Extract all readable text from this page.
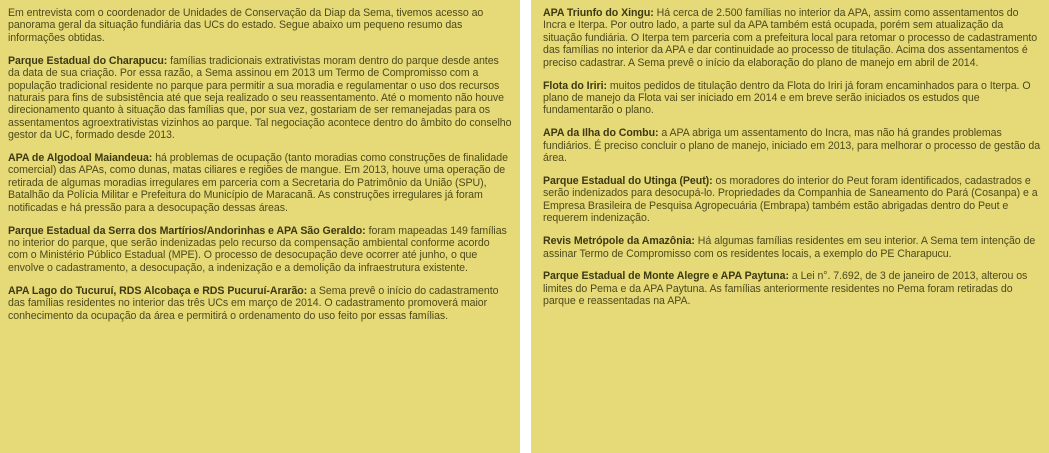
Em entrevista com o coordenador de Unidades de Conservação da Diap da Sema, tivemos acesso ao panorama geral da situação fundiária das UCs do estado. Segue abaixo um pequeno resumo das informações obtidas.

Parque Estadual do Charapucu: famílias tradicionais extrativistas moram dentro do parque desde antes da data de sua criação. Por essa razão, a Sema assinou em 2013 um Termo de Compromisso com a população tradicional residente no parque para permitir a sua moradia e regulamentar o uso dos recursos naturais para fins de subsistência até que seja realizado o seu reassentamento. Até o momento não houve direcionamento quanto à situação das famílias que, por sua vez, gostariam de ser remanejadas para os assentamentos agroextrativistas vizinhos ao parque. Tal negociação acontece dentro do âmbito do conselho gestor da UC, formado desde 2013.

APA de Algodoal Maiandeua: há problemas de ocupação (tanto moradias como construções de finalidade comercial) das APAs, como dunas, matas ciliares e regiões de mangue. Em 2013, houve uma operação de retirada de algumas moradias irregulares em parceria com a Secretaria do Patrimônio da União (SPU), Batalhão da Polícia Militar e Prefeitura do Município de Maracanã. As construções irregulares já foram notificadas e há pressão para a desocupação dessas áreas.

Parque Estadual da Serra dos Martírios/Andorinhas e APA São Geraldo: foram mapeadas 149 famílias no interior do parque, que serão indenizadas pelo recurso da compensação ambiental conforme acordo com o Ministério Público Estadual (MPE). O processo de desocupação deve ocorrer até junho, o que envolve o cadastramento, a desocupação, a indenização e a demolição da infraestrutura existente.

APA Lago do Tucuruí, RDS Alcobaça e RDS Pucuruí-Ararão: a Sema prevê o início do cadastramento das famílias residentes no interior das três UCs em março de 2014. O cadastramento promoverá maior conhecimento da ocupação da área e permitirá o ordenamento do uso feito por essas famílias.

APA Triunfo do Xingu: Há cerca de 2.500 famílias no interior da APA, assim como assentamentos do Incra e Iterpa. Por outro lado, a parte sul da APA também está ocupada, porém sem atualização da situação fundiária. O Iterpa tem parceria com a prefeitura local para retomar o processo de cadastramento das famílias no interior da APA e dar continuidade ao processo de titulação. Acima dos assentamentos é preciso cadastrar. A Sema prevê o início da elaboração do plano de manejo em abril de 2014.

Flota do Iriri: muitos pedidos de titulação dentro da Flota do Iriri já foram encaminhados para o Iterpa. O plano de manejo da Flota vai ser iniciado em 2014 e em breve serão iniciados os estudos que fundamentarão o plano.

APA da Ilha do Combu: a APA abriga um assentamento do Incra, mas não há grandes problemas fundiários. É preciso concluir o plano de manejo, iniciado em 2013, para melhorar o processo de gestão da área.

Parque Estadual do Utinga (Peut): os moradores do interior do Peut foram identificados, cadastrados e serão indenizados para desocupá-lo. Propriedades da Companhia de Saneamento do Pará (Cosanpa) e a Empresa Brasileira de Pesquisa Agropecuária (Embrapa) também estão abrigadas dentro do Peut e requerem indenização.

Revis Metrópole da Amazônia: Há algumas famílias residentes em seu interior. A Sema tem intenção de assinar Termo de Compromisso com os residentes locais, a exemplo do PE Charapucu.

Parque Estadual de Monte Alegre e APA Paytuna: a Lei n°. 7.692, de 3 de janeiro de 2013, alterou os limites do Pema e da APA Paytuna. As famílias anteriormente residentes no Pema foram retiradas do parque e reassentadas na APA.
